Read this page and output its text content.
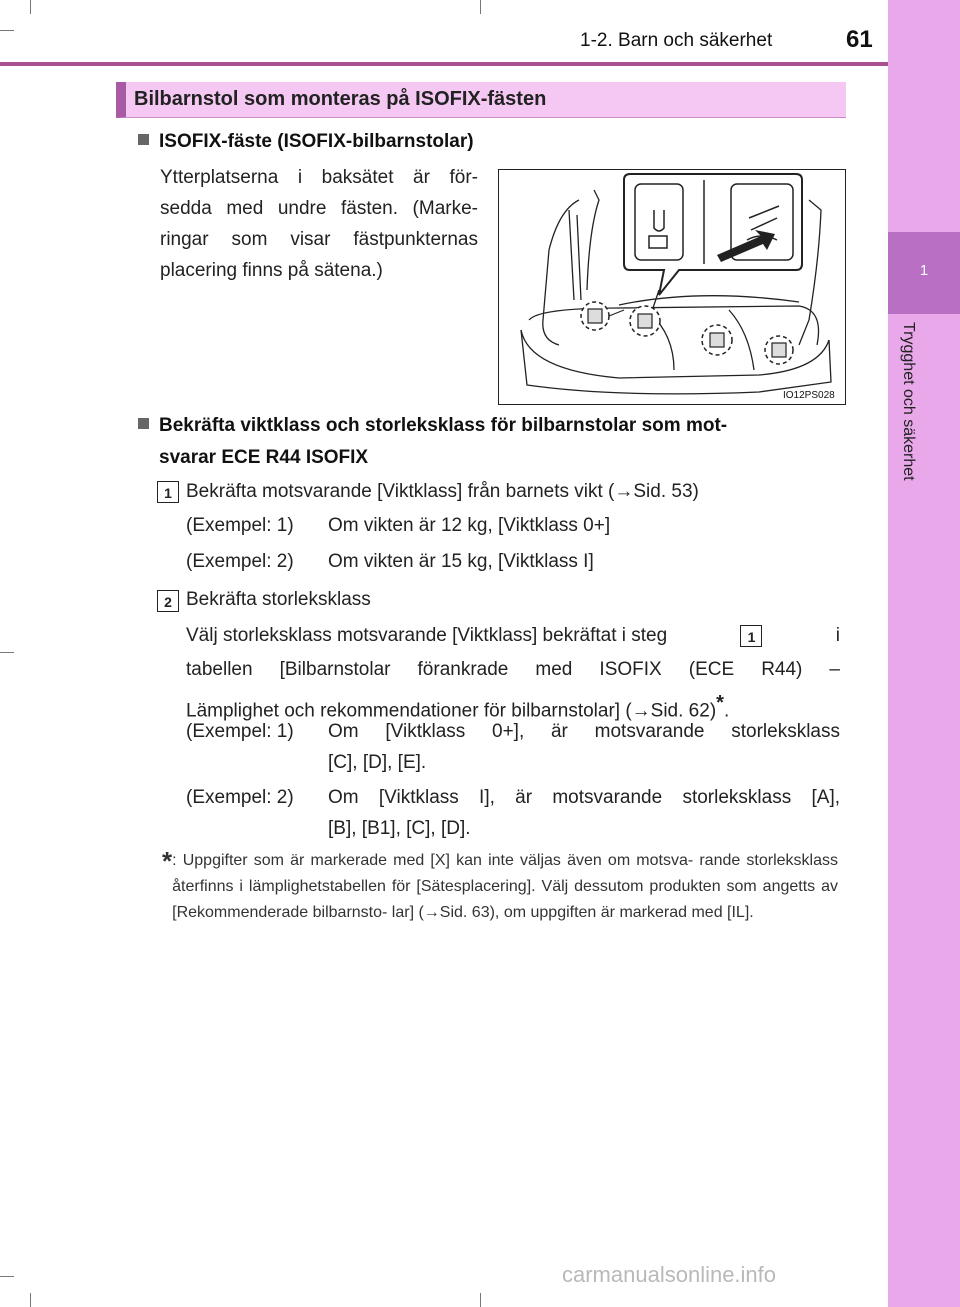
1-2. Barn och säkerhet	61
1
Trygghet och säkerhet
Bilbarnstol som monteras på ISOFIX-fästen
ISOFIX-fäste (ISOFIX-bilbarnstolar)
Ytterplatserna i baksätet är för-
sedda med undre fästen. (Marke-
ringar som visar fästpunkternas
placering finns på sätena.)
IO12PS028
Bekräfta viktklass och storleksklass för bilbarnstolar som mot-
svarar ECE R44 ISOFIX
1 Bekräfta motsvarande [Viktklass] från barnets vikt (→Sid. 53)
(Exempel: 1) Om vikten är 12 kg, [Viktklass 0+]
(Exempel: 2) Om vikten är 15 kg, [Viktklass I]
2 Bekräfta storleksklass
Välj storleksklass motsvarande [Viktklass] bekräftat i steg	1	i
tabellen [Bilbarnstolar förankrade med ISOFIX (ECE R44) –
Lämplighet och rekommendationer för bilbarnstolar] (→Sid. 62)*.
(Exempel: 1) Om [Viktklass 0+], är motsvarande storleksklass
[C], [D], [E].
(Exempel: 2) Om [Viktklass I], är motsvarande storleksklass [A],
[B], [B1], [C], [D].
* : Uppgifter som är markerade med [X] kan inte väljas även om motsva- rande storleksklass återfinns i lämplighetstabellen för [Sätesplacering]. Välj dessutom produkten som angetts av [Rekommenderade bilbarnsto- lar] (→Sid. 63), om uppgiften är markerad med [IL].
carmanualsonline.info
